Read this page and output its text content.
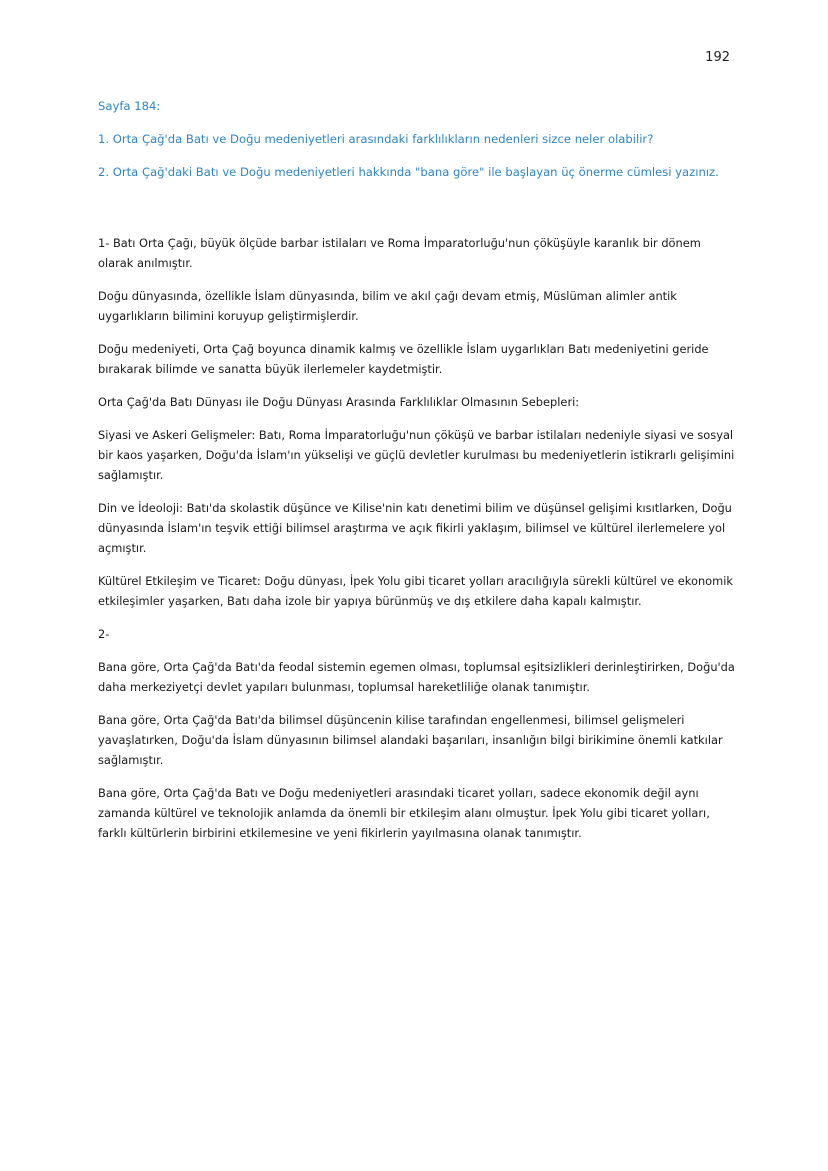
192

Sayfa 184:

1. Orta Çağ'da Batı ve Doğu medeniyetleri arasındaki farklılıkların nedenleri sizce neler olabilir?

2. Orta Çağ'daki Batı ve Doğu medeniyetleri hakkında "bana göre" ile başlayan üç önerme cümlesi yazınız.

1- Batı Orta Çağı, büyük ölçüde barbar istilaları ve Roma İmparatorluğu'nun çöküşüyle karanlık bir dönem olarak anılmıştır.

Doğu dünyasında, özellikle İslam dünyasında, bilim ve akıl çağı devam etmiş, Müslüman alimler antik uygarlıkların bilimini koruyup geliştirmişlerdir.

Doğu medeniyeti, Orta Çağ boyunca dinamik kalmış ve özellikle İslam uygarlıkları Batı medeniyetini geride bırakarak bilimde ve sanatta büyük ilerlemeler kaydetmiştir.

Orta Çağ'da Batı Dünyası ile Doğu Dünyası Arasında Farklılıklar Olmasının Sebepleri:

Siyasi ve Askeri Gelişmeler: Batı, Roma İmparatorluğu'nun çöküşü ve barbar istilaları nedeniyle siyasi ve sosyal bir kaos yaşarken, Doğu'da İslam'ın yükselişi ve güçlü devletler kurulması bu medeniyetlerin istikrarlı gelişimini sağlamıştır.

Din ve İdeoloji: Batı'da skolastik düşünce ve Kilise'nin katı denetimi bilim ve düşünsel gelişimi kısıtlarken, Doğu dünyasında İslam'ın teşvik ettiği bilimsel araştırma ve açık fikirli yaklaşım, bilimsel ve kültürel ilerlemelere yol açmıştır.

Kültürel Etkileşim ve Ticaret: Doğu dünyası, İpek Yolu gibi ticaret yolları aracılığıyla sürekli kültürel ve ekonomik etkileşimler yaşarken, Batı daha izole bir yapıya bürünmüş ve dış etkilere daha kapalı kalmıştır.

2-

Bana göre, Orta Çağ'da Batı'da feodal sistemin egemen olması, toplumsal eşitsizlikleri derinleştirirken, Doğu'da daha merkeziyetçi devlet yapıları bulunması, toplumsal hareketliliğe olanak tanımıştır.

Bana göre, Orta Çağ'da Batı'da bilimsel düşüncenin kilise tarafından engellenmesi, bilimsel gelişmeleri yavaşlatırken, Doğu'da İslam dünyasının bilimsel alandaki başarıları, insanlığın bilgi birikimine önemli katkılar sağlamıştır.

Bana göre, Orta Çağ'da Batı ve Doğu medeniyetleri arasındaki ticaret yolları, sadece ekonomik değil aynı zamanda kültürel ve teknolojik anlamda da önemli bir etkileşim alanı olmuştur. İpek Yolu gibi ticaret yolları, farklı kültürlerin birbirini etkilemesine ve yeni fikirlerin yayılmasına olanak tanımıştır.
